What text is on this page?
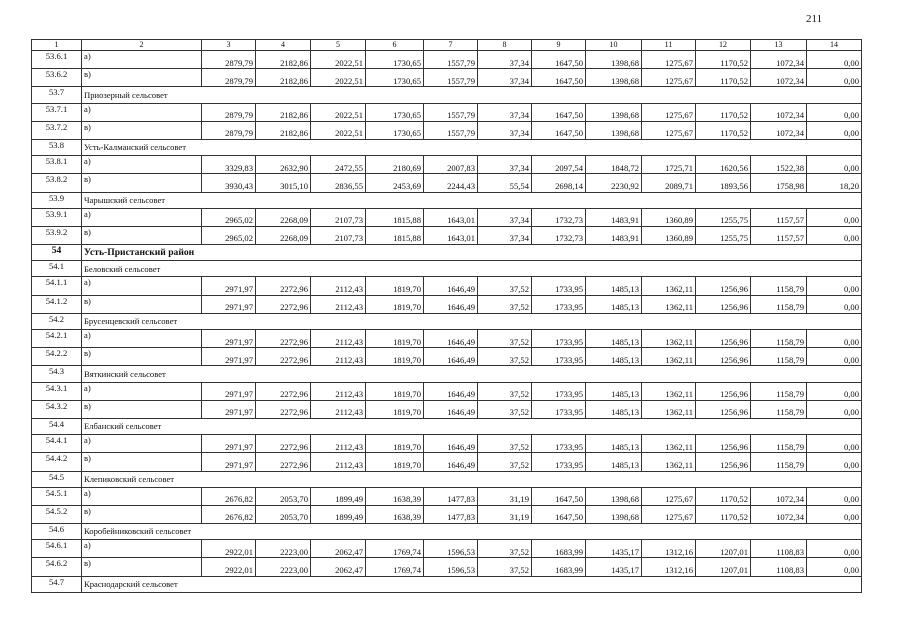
211
1	2	3	4	5	6	7	8	9	10	11	12	13	14
53.6.1	а)	2879,79	2182,86	2022,51	1730,65	1557,79	37,34	1647,50	1398,68	1275,67	1170,52	1072,34	0,00
53.6.2	в)	2879,79	2182,86	2022,51	1730,65	1557,79	37,34	1647,50	1398,68	1275,67	1170,52	1072,34	0,00
53.7	Приозерный сельсовет												
53.7.1	а)	2879,79	2182,86	2022,51	1730,65	1557,79	37,34	1647,50	1398,68	1275,67	1170,52	1072,34	0,00
53.7.2	в)	2879,79	2182,86	2022,51	1730,65	1557,79	37,34	1647,50	1398,68	1275,67	1170,52	1072,34	0,00
53.8	Усть-Калманский сельсовет												
53.8.1	а)	3329,83	2632,90	2472,55	2180,69	2007,83	37,34	2097,54	1848,72	1725,71	1620,56	1522,38	0,00
53.8.2	в)	3930,43	3015,10	2836,55	2453,69	2244,43	55,54	2698,14	2230,92	2089,71	1893,56	1758,98	18,20
53.9	Чарышский сельсовет												
53.9.1	а)	2965,02	2268,09	2107,73	1815,88	1643,01	37,34	1732,73	1483,91	1360,89	1255,75	1157,57	0,00
53.9.2	в)	2965,02	2268,09	2107,73	1815,88	1643,01	37,34	1732,73	1483,91	1360,89	1255,75	1157,57	0,00
54	Усть-Пристанский район												
54.1	Беловский сельсовет												
54.1.1	а)	2971,97	2272,96	2112,43	1819,70	1646,49	37,52	1733,95	1485,13	1362,11	1256,96	1158,79	0,00
54.1.2	в)	2971,97	2272,96	2112,43	1819,70	1646,49	37,52	1733,95	1485,13	1362,11	1256,96	1158,79	0,00
54.2	Брусенцевский сельсовет												
54.2.1	а)	2971,97	2272,96	2112,43	1819,70	1646,49	37,52	1733,95	1485,13	1362,11	1256,96	1158,79	0,00
54.2.2	в)	2971,97	2272,96	2112,43	1819,70	1646,49	37,52	1733,95	1485,13	1362,11	1256,96	1158,79	0,00
54.3	Вяткинский сельсовет												
54.3.1	а)	2971,97	2272,96	2112,43	1819,70	1646,49	37,52	1733,95	1485,13	1362,11	1256,96	1158,79	0,00
54.3.2	в)	2971,97	2272,96	2112,43	1819,70	1646,49	37,52	1733,95	1485,13	1362,11	1256,96	1158,79	0,00
54.4	Елбанский сельсовет												
54.4.1	а)	2971,97	2272,96	2112,43	1819,70	1646,49	37,52	1733,95	1485,13	1362,11	1256,96	1158,79	0,00
54.4.2	в)	2971,97	2272,96	2112,43	1819,70	1646,49	37,52	1733,95	1485,13	1362,11	1256,96	1158,79	0,00
54.5	Клепиковский сельсовет												
54.5.1	а)	2676,82	2053,70	1899,49	1638,39	1477,83	31,19	1647,50	1398,68	1275,67	1170,52	1072,34	0,00
54.5.2	в)	2676,82	2053,70	1899,49	1638,39	1477,83	31,19	1647,50	1398,68	1275,67	1170,52	1072,34	0,00
54.6	Коробейниковский сельсовет												
54.6.1	а)	2922,01	2223,00	2062,47	1769,74	1596,53	37,52	1683,99	1435,17	1312,16	1207,01	1108,83	0,00
54.6.2	в)	2922,01	2223,00	2062,47	1769,74	1596,53	37,52	1683,99	1435,17	1312,16	1207,01	1108,83	0,00
54.7	Краснодарский сельсовет												
